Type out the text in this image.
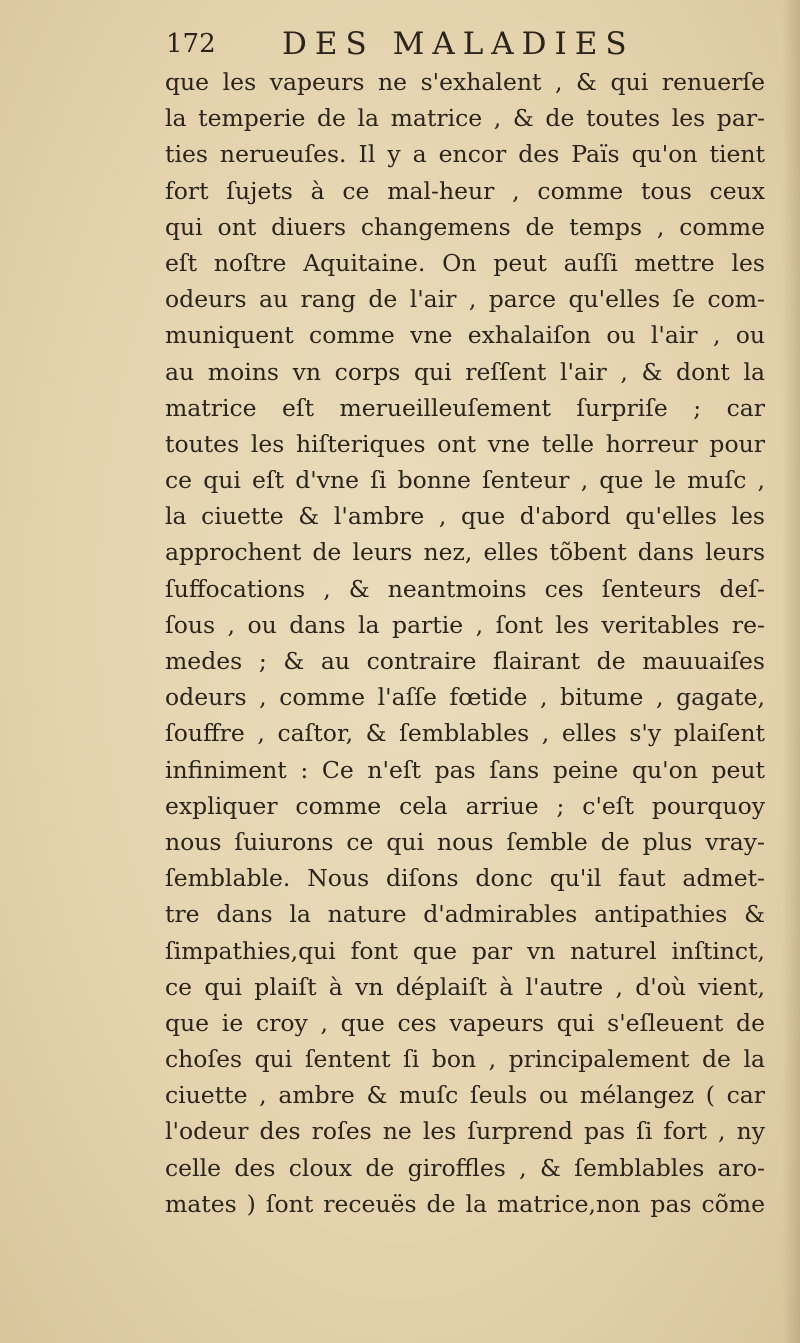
172 DES MALADIES
que les vapeurs ne s'exhalent , & qui renuerſe
la temperie de la matrice , & de toutes les par-
ties nerueuſes. Il y a encor des Païs qu'on tient
fort ſujets à ce mal-heur , comme tous ceux
qui ont diuers changemens de temps , comme
eſt noſtre Aquitaine. On peut auſſi mettre les
odeurs au rang de l'air , parce qu'elles ſe com-
muniquent comme vne exhalaiſon ou l'air , ou
au moins vn corps qui reſſent l'air , & dont la
matrice eſt merueilleuſement ſurpriſe ; car
toutes les hiſteriques ont vne telle horreur pour
ce qui eſt d'vne ſi bonne ſenteur , que le muſc ,
la ciuette & l'ambre , que d'abord qu'elles les
approchent de leurs nez, elles tõbent dans leurs
ſuffocations , & neantmoins ces ſenteurs deſ-
ſous , ou dans la partie , ſont les veritables re-
medes ; & au contraire flairant de mauuaiſes
odeurs , comme l'aſſe fœtide , bitume , gagate,
ſouffre , caſtor, & ſemblables , elles s'y plaiſent
infiniment : Ce n'eſt pas ſans peine qu'on peut
expliquer comme cela arriue ; c'eſt pourquoy
nous ſuiurons ce qui nous ſemble de plus vray-
ſemblable. Nous diſons donc qu'il faut admet-
tre dans la nature d'admirables antipathies &
ſimpathies,qui font que par vn naturel inſtinct,
ce qui plaiſt à vn déplaiſt à l'autre , d'où vient,
que ie croy , que ces vapeurs qui s'eſleuent de
choſes qui ſentent ſi bon , principalement de la
ciuette , ambre & muſc ſeuls ou mélangez ( car
l'odeur des roſes ne les ſurprend pas ſi fort , ny
celle des cloux de giroffles , & ſemblables aro-
mates ) ſont receuës de la matrice,non pas cõme
